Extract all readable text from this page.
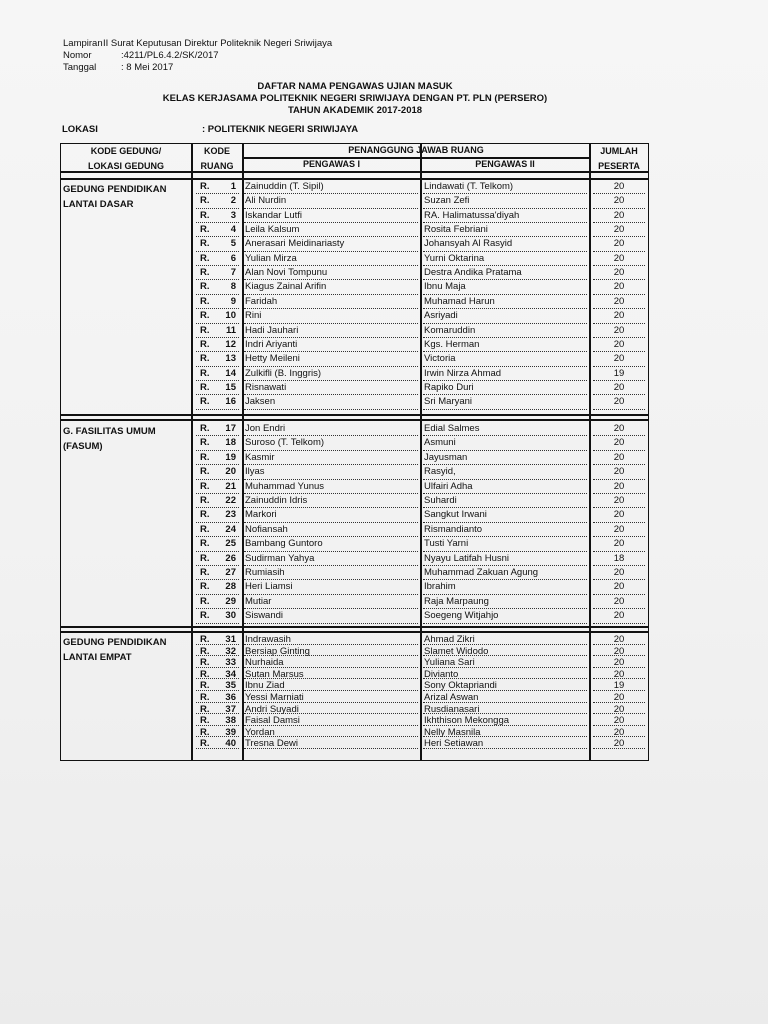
Lampiran II Surat Keputusan Direktur Politeknik Negeri Sriwijaya
Nomor	:4211/PL6.4.2/SK/2017
Tanggal	: 8 Mei 2017
DAFTAR NAMA PENGAWAS UJIAN MASUK
KELAS KERJASAMA POLITEKNIK NEGERI SRIWIJAYA DENGAN PT. PLN (PERSERO)
TAHUN AKADEMIK 2017-2018
LOKASI	: POLITEKNIK NEGERI SRIWIJAYA
KODE GEDUNG/
LOKASI GEDUNG
KODE
RUANG
PENANGGUNG JAWAB RUANG
PENGAWAS I	PENGAWAS II
JUMLAH
PESERTA
GEDUNG PENDIDIKAN
LANTAI DASAR
R.	1 Zainuddin (T. Sipil)	Lindawati (T. Telkom)	20
R.	2 Ali Nurdin	Suzan Zefi	20
R.	3 Iskandar Lutfi	RA. Halimatussa'diyah	20
R.	4 Leila Kalsum	Rosita Febriani	20
R.	5 Anerasari Meidinariasty	Johansyah Al Rasyid	20
R.	6 Yulian Mirza	Yurni Oktarina	20
R.	7 Alan Novi Tompunu	Destra Andika Pratama	20
R.	8 Kiagus Zainal Arifin	Ibnu Maja	20
R.	9 Faridah	Muhamad Harun	20
R.	10 Rini	Asriyadi	20
R.	11 Hadi Jauhari	Komaruddin	20
R.	12 Indri Ariyanti	Kgs. Herman	20
R.	13 Hetty Meileni	Victoria	20
R.	14 Zulkifli (B. Inggris)	Irwin Nirza Ahmad	19
R.	15 Risnawati	Rapiko Duri	20
R.	16 Jaksen	Sri Maryani	20
G. FASILITAS UMUM
(FASUM)
R.	17 Jon Endri	Edial Salmes	20
R.	18 Suroso (T. Telkom)	Asmuni	20
R.	19 Kasmir	Jayusman	20
R.	20 Ilyas	Rasyid,	20
R.	21 Muhammad Yunus	Ulfairi Adha	20
R.	22 Zainuddin Idris	Suhardi	20
R.	23 Markori	Sangkut Irwani	20
R.	24 Nofiansah	Rismandianto	20
R.	25 Bambang Guntoro	Tusti Yarni	20
R.	26 Sudirman Yahya	Nyayu Latifah Husni	18
R.	27 Rumiasih	Muhammad Zakuan Agung	20
R.	28 Heri Liamsi	Ibrahim	20
R.	29 Mutiar	Raja Marpaung	20
R.	30 Siswandi	Soegeng Witjahjo	20
GEDUNG PENDIDIKAN
LANTAI EMPAT
R.	31 Indrawasih	Ahmad Zikri	20
R.	32 Bersiap Ginting	Slamet Widodo	20
R.	33 Nurhaida	Yuliana Sari	20
R.	34 Sutan Marsus	Divianto	20
R.	35 Ibnu Ziad	Sony Oktapriandi	19
R.	36 Yessi Marniati	Arizal Aswan	20
R.	37 Andri Suyadi	Rusdianasari	20
R.	38 Faisal Damsi	Ikhthison Mekongga	20
R.	39 Yordan	Nelly Masnila	20
R.	40 Tresna Dewi	Heri Setiawan	20
